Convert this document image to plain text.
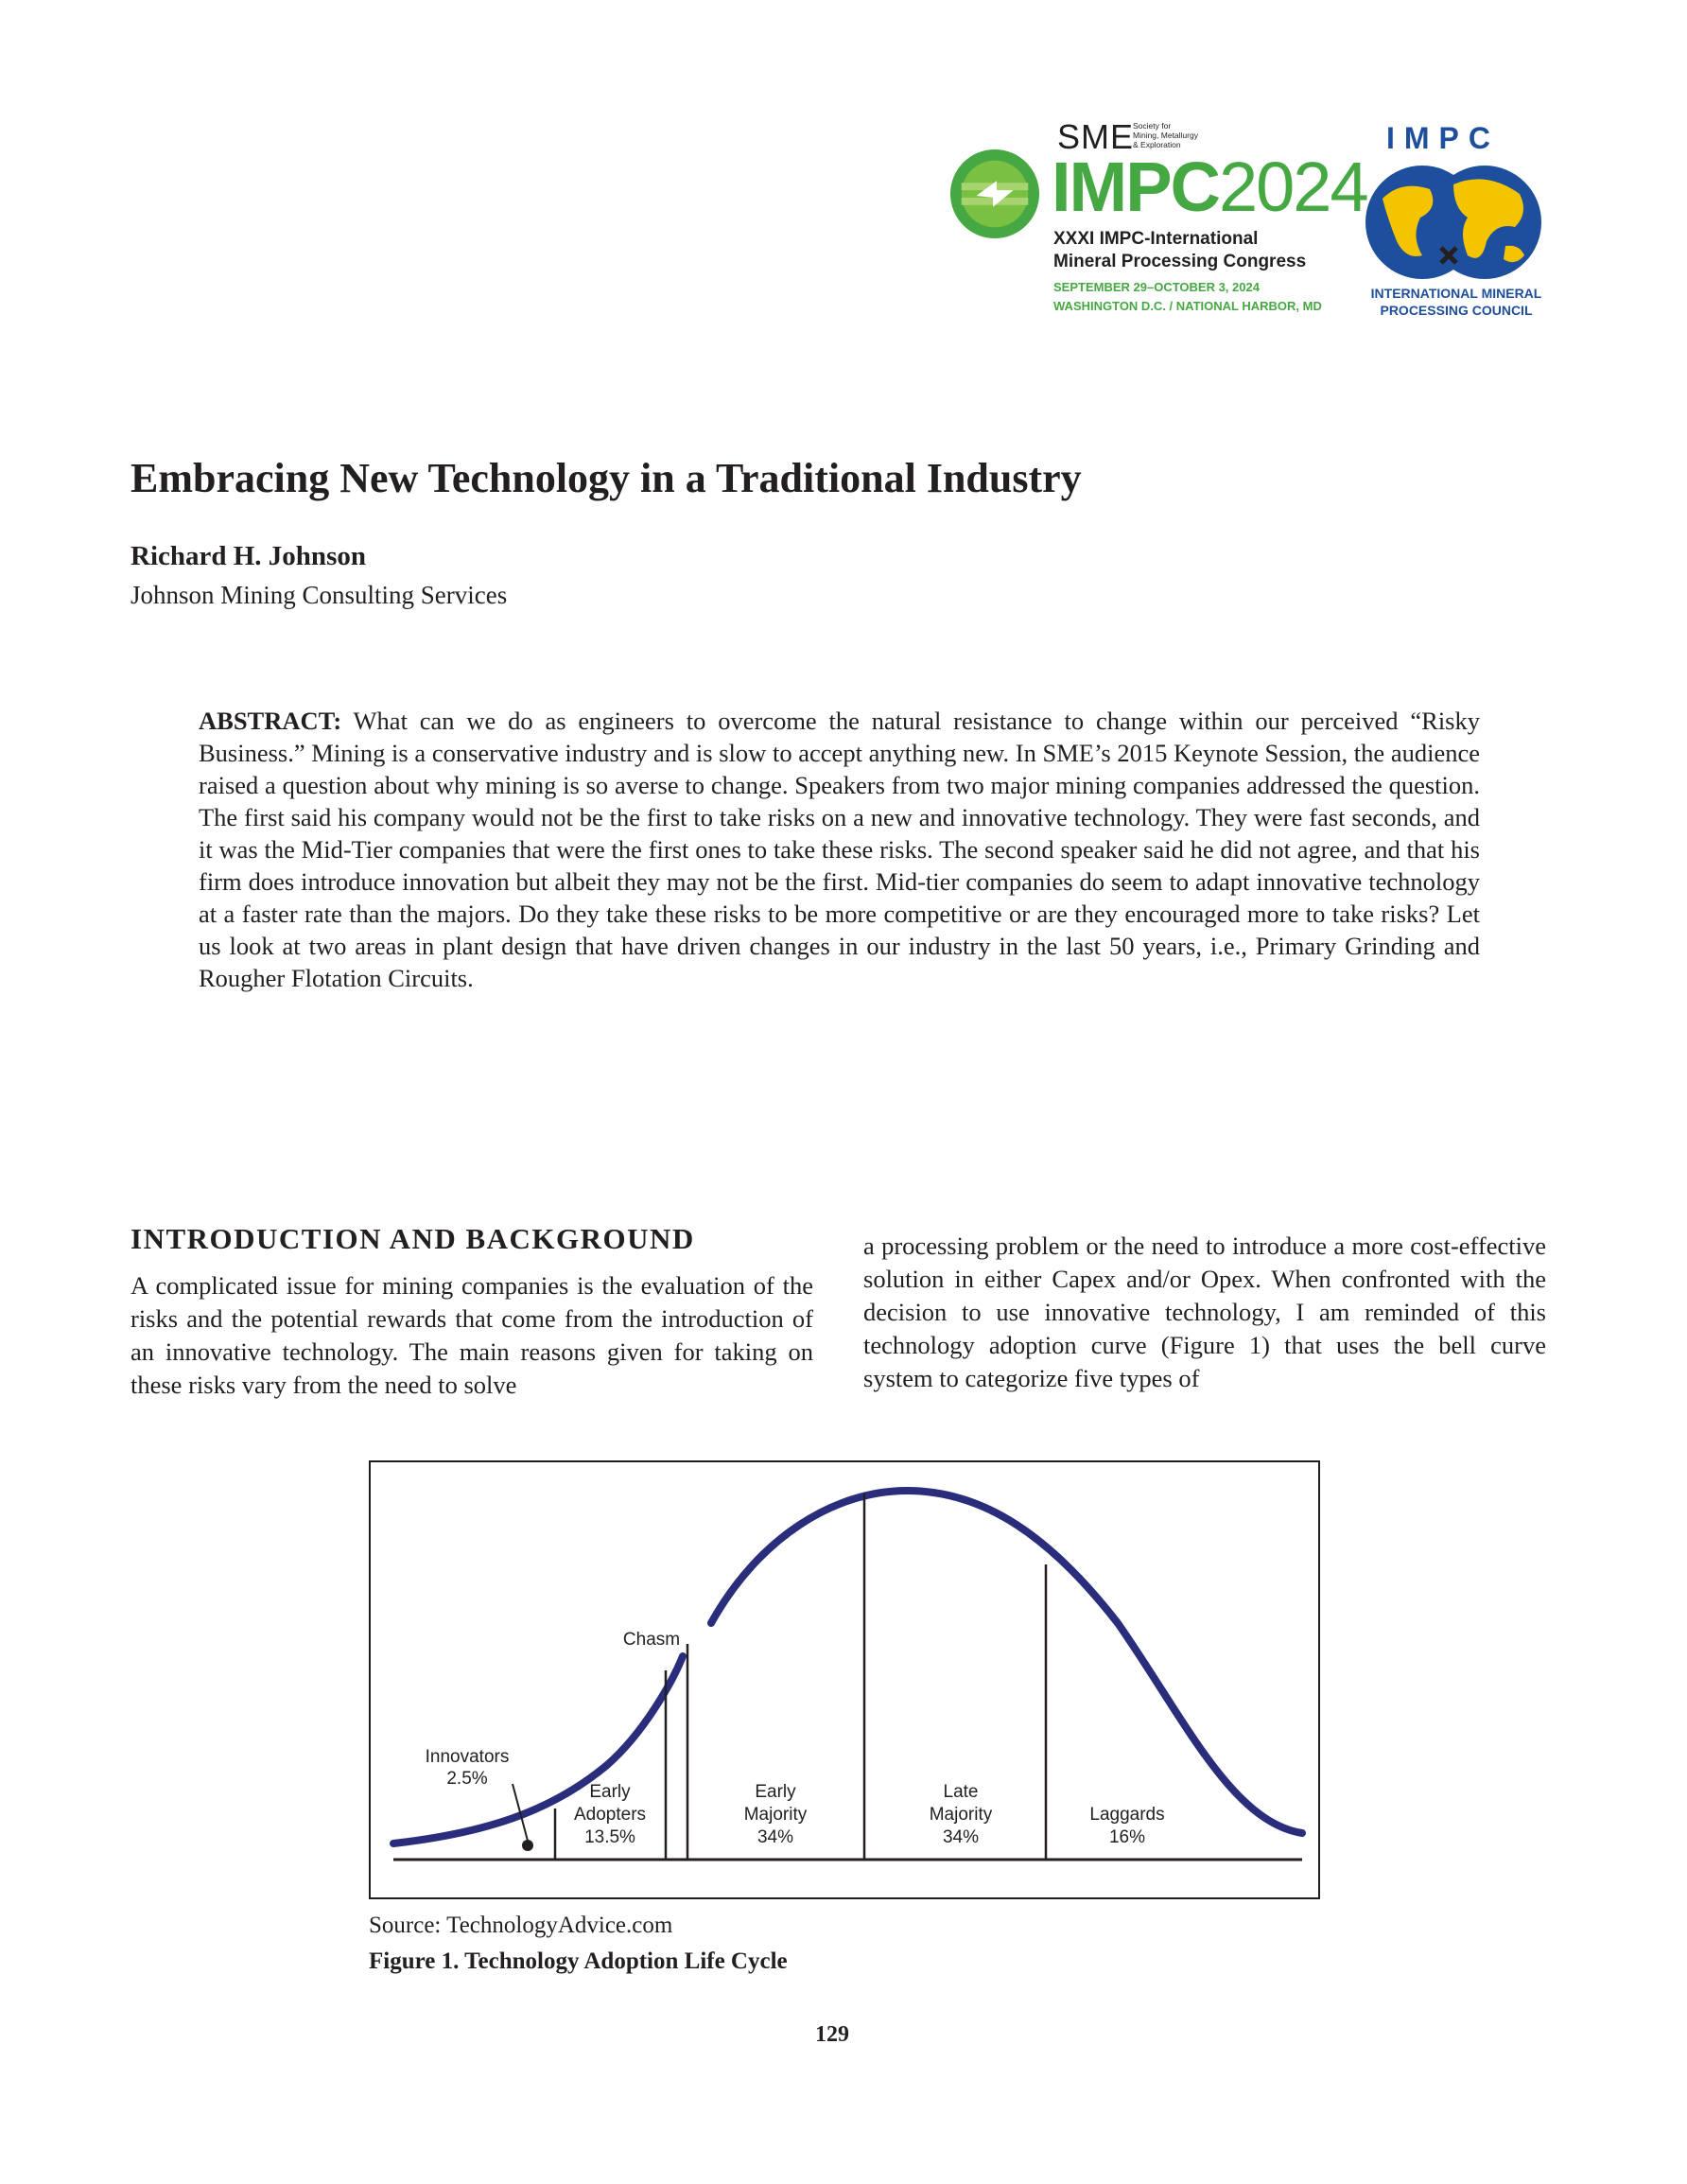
SME
Society for
Mining, Metallurgy
& Exploration
IMPC2024
XXXI IMPC-International
Mineral Processing Congress
SEPTEMBER 29–OCTOBER 3, 2024
WASHINGTON D.C. / NATIONAL HARBOR, MD
IMPC
INTERNATIONAL MINERAL
PROCESSING COUNCIL
Embracing New Technology in a Traditional Industry
Richard H. Johnson
Johnson Mining Consulting Services
ABSTRACT: What can we do as engineers to overcome the natural resistance to change within our perceived “Risky Business.” Mining is a conservative industry and is slow to accept anything new. In SME’s 2015 Keynote Session, the audience raised a question about why mining is so averse to change. Speakers from two major mining companies addressed the question. The first said his company would not be the first to take risks on a new and innovative technology. They were fast seconds, and it was the Mid-Tier companies that were the first ones to take these risks. The second speaker said he did not agree, and that his firm does introduce innovation but albeit they may not be the first. Mid-tier companies do seem to adapt innovative technology at a faster rate than the majors. Do they take these risks to be more competitive or are they encouraged more to take risks? Let us look at two areas in plant design that have driven changes in our industry in the last 50 years, i.e., Primary Grinding and Rougher Flotation Circuits.
INTRODUCTION AND BACKGROUND
A complicated issue for mining companies is the evaluation of the risks and the potential rewards that come from the introduction of an innovative technology. The main reasons given for taking on these risks vary from the need to solve
a processing problem or the need to introduce a more cost-effective solution in either Capex and/or Opex. When confronted with the decision to use innovative technology, I am reminded of this technology adoption curve (Figure 1) that uses the bell curve system to categorize five types of
Chasm
Innovators
2.5%
Early
Adopters
13.5%
Early
Majority
34%
Late
Majority
34%
Laggards
16%
Source: TechnologyAdvice.com
Figure 1. Technology Adoption Life Cycle
129
